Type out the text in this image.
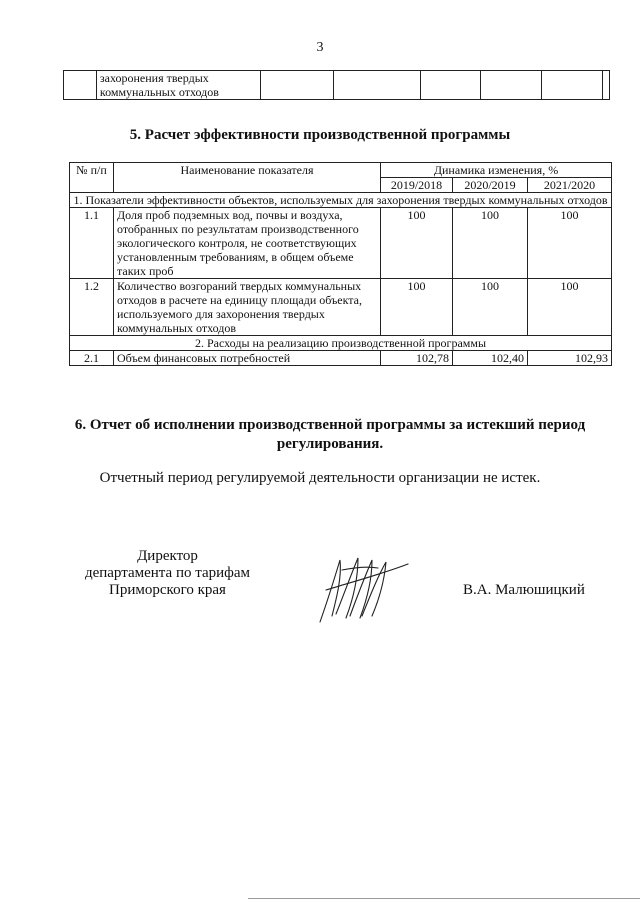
3
	захоронения твердых коммунальных отходов						
5. Расчет эффективности производственной программы
№ п/п	Наименование показателя	Динамика изменения, %		
		2019/2018	2020/2019	2021/2020
1. Показатели эффективности объектов, используемых для захоронения твердых коммунальных отходов				
1.1	Доля проб подземных вод, почвы и воздуха, отобранных по результатам производственного экологического контроля, не соответствующих установленным требованиям, в общем объеме таких проб	100	100	100
1.2	Количество возгораний твердых коммунальных отходов в расчете на единицу площади объекта, используемого для захоронения твердых коммунальных отходов	100	100	100
2. Расходы на реализацию производственной программы				
2.1	Объем финансовых потребностей	102,78	102,40	102,93
6. Отчет об исполнении производственной программы за истекший период регулирования.
Отчетный период регулируемой деятельности организации не истек.
Директор
департамента по тарифам
Приморского края	В.А. Малюшицкий
